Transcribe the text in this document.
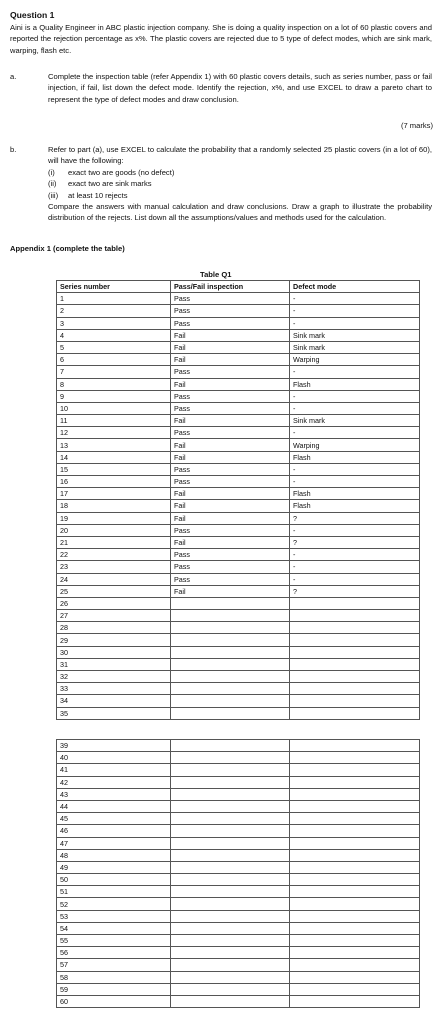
Question 1
Aini is a Quality Engineer in ABC plastic injection company. She is doing a quality inspection on a lot of 60 plastic covers and reported the rejection percentage as x%. The plastic covers are rejected due to 5 type of defect modes, which are sink mark, warping, flash etc.
a.	Complete the inspection table (refer Appendix 1) with 60 plastic covers details, such as series number, pass or fail injection, if fail, list down the defect mode. Identify the rejection, x%, and use EXCEL to draw a pareto chart to represent the type of defect modes and draw conclusion.
(7 marks)
b.	Refer to part (a), use EXCEL to calculate the probability that a randomly selected 25 plastic covers (in a lot of 60), will have the following:
(i)	exact two are goods (no defect)
(ii)	exact two are sink marks
(iii)	at least 10 rejects
Compare the answers with manual calculation and draw conclusions. Draw a graph to illustrate the probability distribution of the rejects. List down all the assumptions/values and methods used for the calculation.
Appendix 1 (complete the table)
Table Q1
Series number	Pass/Fail inspection	Defect mode
1	Pass	-
2	Pass	-
3	Pass	-
4	Fail	Sink mark
5	Fail	Sink mark
6	Fail	Warping
7	Pass	-
8	Fail	Flash
9	Pass	-
10	Pass	-
11	Fail	Sink mark
12	Pass	-
13	Fail	Warping
14	Fail	Flash
15	Pass	-
16	Pass	-
17	Fail	Flash
18	Fail	Flash
19	Fail	?
20	Pass	-
21	Fail	?
22	Pass	-
23	Pass	-
24	Pass	-
25	Fail	?
26		
27		
28		
29		
30		
31		
32		
33		
34		
35		
39		
40		
41		
42		
43		
44		
45		
46		
47		
48		
49		
50		
51		
52		
53		
54		
55		
56		
57		
58		
59		
60		
